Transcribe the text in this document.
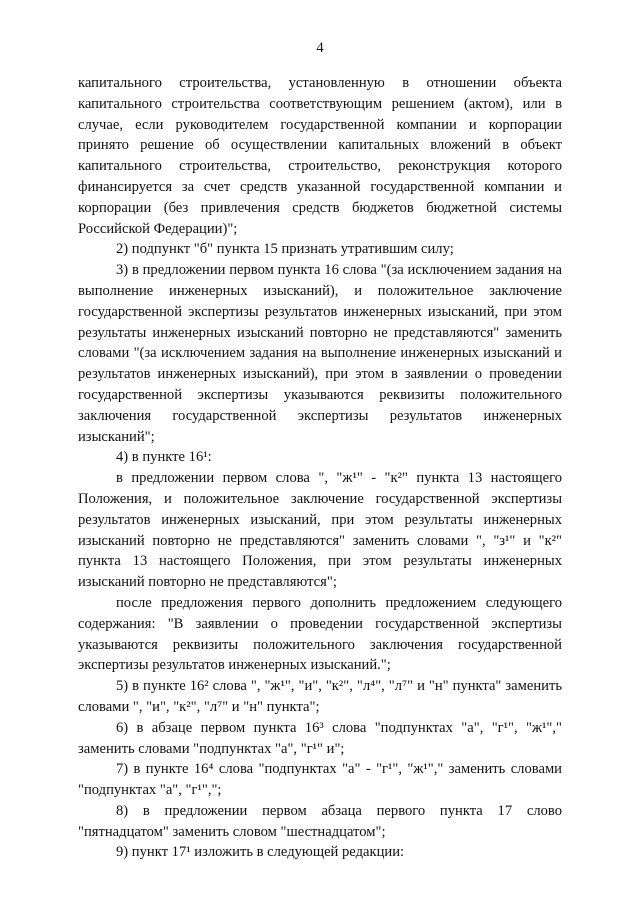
4

капитального строительства, установленную в отношении объекта капитального строительства соответствующим решением (актом), или в случае, если руководителем государственной компании и корпорации принято решение об осуществлении капитальных вложений в объект капитального строительства, строительство, реконструкция которого финансируется за счет средств указанной государственной компании и корпорации (без привлечения средств бюджетов бюджетной системы Российской Федерации)";

2) подпункт "б" пункта 15 признать утратившим силу;

3) в предложении первом пункта 16 слова "(за исключением задания на выполнение инженерных изысканий), и положительное заключение государственной экспертизы результатов инженерных изысканий, при этом результаты инженерных изысканий повторно не представляются" заменить словами "(за исключением задания на выполнение инженерных изысканий и результатов инженерных изысканий), при этом в заявлении о проведении государственной экспертизы указываются реквизиты положительного заключения государственной экспертизы результатов инженерных изысканий";

4) в пункте 16¹:

в предложении первом слова ", "ж¹" - "к²" пункта 13 настоящего Положения, и положительное заключение государственной экспертизы результатов инженерных изысканий, при этом результаты инженерных изысканий повторно не представляются" заменить словами ", "з¹" и "к²" пункта 13 настоящего Положения, при этом результаты инженерных изысканий повторно не представляются";

после предложения первого дополнить предложением следующего содержания: "В заявлении о проведении государственной экспертизы указываются реквизиты положительного заключения государственной экспертизы результатов инженерных изысканий.";

5) в пункте 16² слова ", "ж¹", "и", "к²", "л⁴", "л⁷" и "н" пункта" заменить словами ", "и", "к²", "л⁷" и "н" пункта";

6) в абзаце первом пункта 16³ слова "подпунктах "а", "г¹", "ж¹"," заменить словами "подпунктах "а", "г¹" и";

7) в пункте 16⁴ слова "подпунктах "а" - "г¹", "ж¹"," заменить словами "подпунктах "а", "г¹",";

8) в предложении первом абзаца первого пункта 17 слово "пятнадцатом" заменить словом "шестнадцатом";

9) пункт 17¹ изложить в следующей редакции:
